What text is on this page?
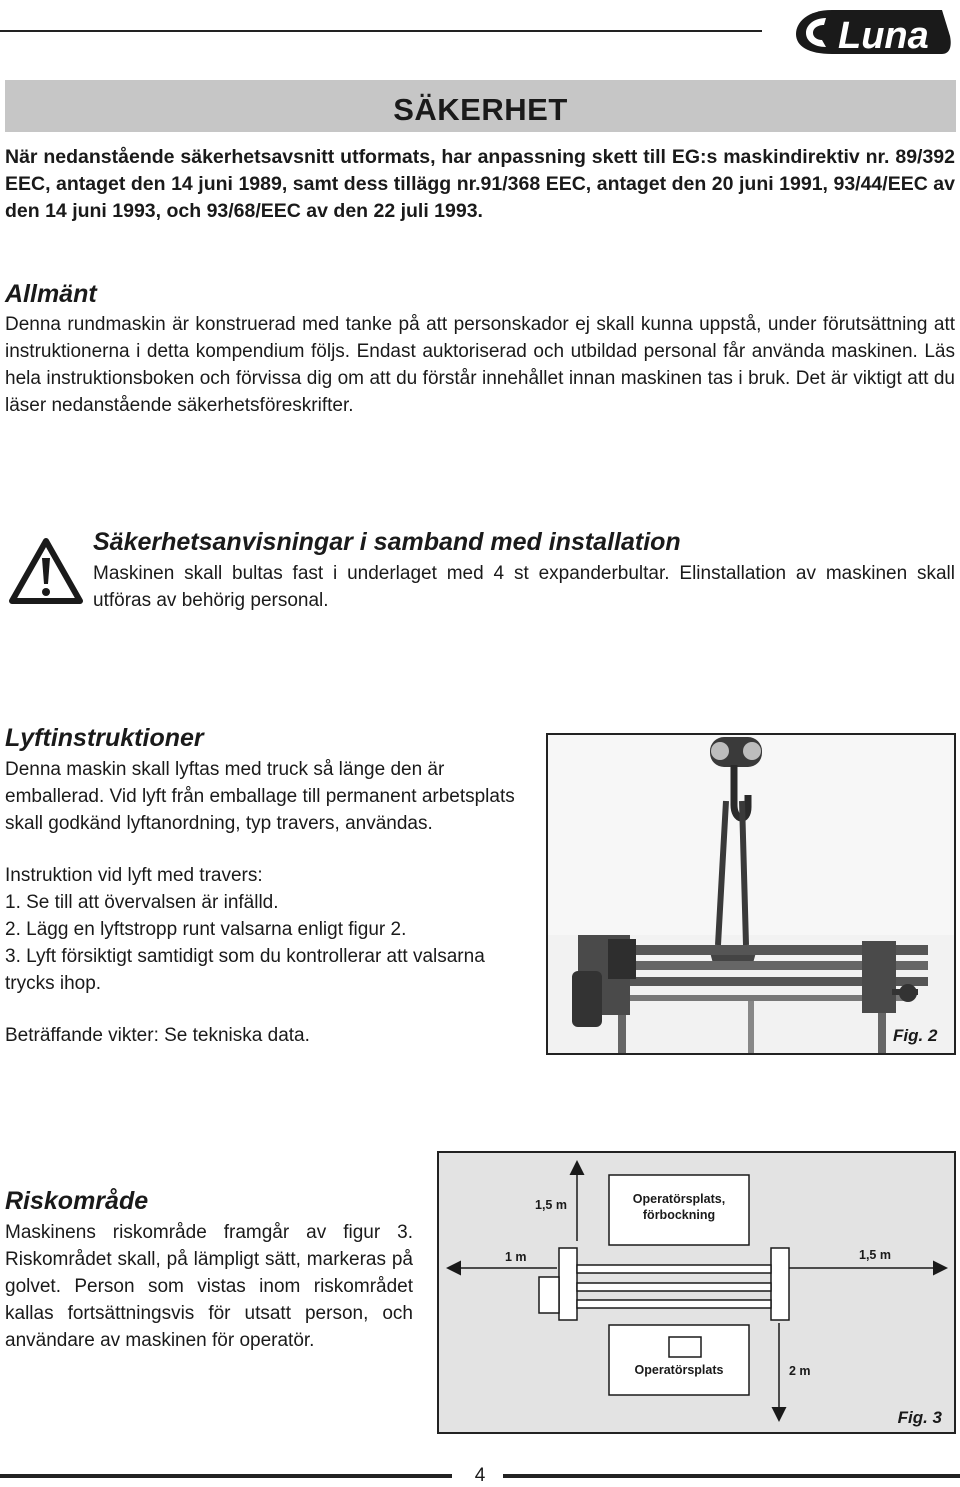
Luna
SÄKERHET

När nedanstående säkerhetsavsnitt utformats, har anpassning skett till EG:s maskindirektiv nr. 89/392 EEC, antaget den 14 juni 1989, samt dess tillägg nr.91/368 EEC, antaget den 20 juni 1991, 93/44/EEC av den 14 juni 1993, och 93/68/EEC av den 22 juli 1993.

Allmänt

Denna rundmaskin är konstruerad med tanke på att personskador ej skall kunna uppstå, under förutsättning att instruktionerna i detta kompendium följs. Endast auktoriserad och utbildad personal får använda maskinen. Läs hela instruktionsboken och förvissa dig om att du förstår innehållet innan maskinen tas i bruk. Det är viktigt att du läser nedanstående säkerhetsföreskrifter.

Säkerhetsanvisningar i samband med installation

Maskinen skall bultas fast i underlaget med 4 st expanderbultar. Elinstallation av maskinen skall utföras av behörig personal.

Lyftinstruktioner

Denna maskin skall lyftas med truck så länge den är emballerad. Vid lyft från emballage till permanent arbetsplats skall godkänd lyftanordning, typ travers, användas.

Instruktion vid lyft med travers:

1. Se till att övervalsen är infälld.
2. Lägg en lyftstropp runt valsarna enligt figur 2.
3. Lyft försiktigt samtidigt som du kontrollerar att valsarna trycks ihop.

Beträffande vikter: Se tekniska data.	Fig. 2
Riskområde

Maskinens riskområde framgår av figur 3. Riskområdet skall, på lämpligt sätt, markeras på golvet. Person som vistas inom riskområdet kallas fortsättningsvis för utsatt person, och användare av maskinen för operatör.

Operatörsplats,
förbockning
1,5 m
1 m	1,5 m
Operatörsplats	2 m
Fig. 3
4
